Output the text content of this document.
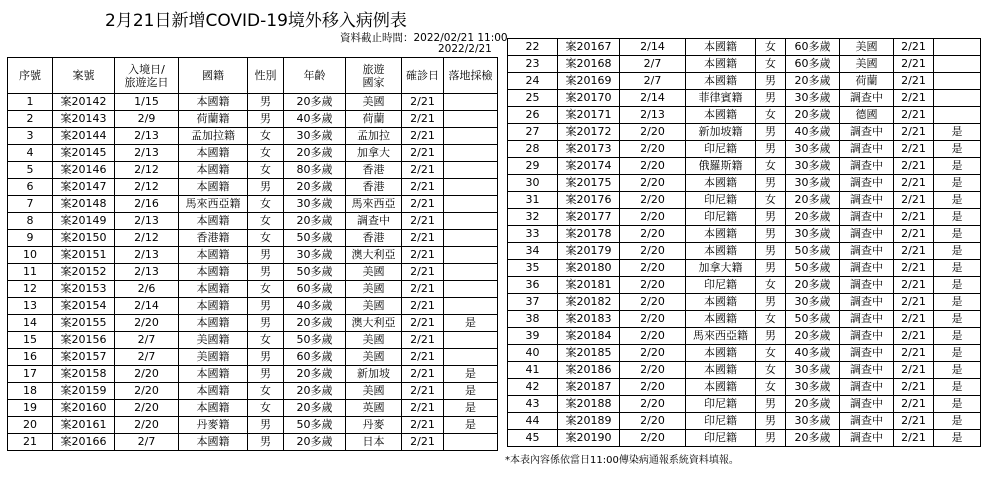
2月21日新增COVID-19境外移入病例表
資料截止時間：2022/02/21 11:00
2022/2/21
序號	案號	入境日/
旅遊迄日	國籍	性別	年齡	旅遊
國家	確診日	落地採檢
1	案20142	1/15	本國籍	男	20多歲	美國	2/21	
2	案20143	2/9	荷蘭籍	男	40多歲	荷蘭	2/21	
3	案20144	2/13	孟加拉籍	女	30多歲	孟加拉	2/21	
4	案20145	2/13	本國籍	女	20多歲	加拿大	2/21	
5	案20146	2/12	本國籍	女	80多歲	香港	2/21	
6	案20147	2/12	本國籍	男	20多歲	香港	2/21	
7	案20148	2/16	馬來西亞籍	女	30多歲	馬來西亞	2/21	
8	案20149	2/13	本國籍	女	20多歲	調查中	2/21	
9	案20150	2/12	香港籍	女	50多歲	香港	2/21	
10	案20151	2/13	本國籍	男	30多歲	澳大利亞	2/21	
11	案20152	2/13	本國籍	男	50多歲	美國	2/21	
12	案20153	2/6	本國籍	女	60多歲	美國	2/21	
13	案20154	2/14	本國籍	男	40多歲	美國	2/21	
14	案20155	2/20	本國籍	男	20多歲	澳大利亞	2/21	是
15	案20156	2/7	美國籍	女	50多歲	美國	2/21	
16	案20157	2/7	美國籍	男	60多歲	美國	2/21	
17	案20158	2/20	本國籍	男	20多歲	新加坡	2/21	是
18	案20159	2/20	本國籍	女	20多歲	美國	2/21	是
19	案20160	2/20	本國籍	女	20多歲	英國	2/21	是
20	案20161	2/20	丹麥籍	男	50多歲	丹麥	2/21	是
21	案20166	2/7	本國籍	男	20多歲	日本	2/21	
22	案20167	2/14	本國籍	女	60多歲	美國	2/21	
23	案20168	2/7	本國籍	女	60多歲	美國	2/21	
24	案20169	2/7	本國籍	男	20多歲	荷蘭	2/21	
25	案20170	2/14	菲律賓籍	男	30多歲	調查中	2/21	
26	案20171	2/13	本國籍	女	20多歲	德國	2/21	
27	案20172	2/20	新加坡籍	男	40多歲	調查中	2/21	是
28	案20173	2/20	印尼籍	男	30多歲	調查中	2/21	是
29	案20174	2/20	俄羅斯籍	女	30多歲	調查中	2/21	是
30	案20175	2/20	本國籍	男	30多歲	調查中	2/21	是
31	案20176	2/20	印尼籍	女	20多歲	調查中	2/21	是
32	案20177	2/20	印尼籍	男	20多歲	調查中	2/21	是
33	案20178	2/20	本國籍	男	30多歲	調查中	2/21	是
34	案20179	2/20	本國籍	男	50多歲	調查中	2/21	是
35	案20180	2/20	加拿大籍	男	50多歲	調查中	2/21	是
36	案20181	2/20	印尼籍	女	20多歲	調查中	2/21	是
37	案20182	2/20	本國籍	男	30多歲	調查中	2/21	是
38	案20183	2/20	本國籍	女	50多歲	調查中	2/21	是
39	案20184	2/20	馬來西亞籍	男	20多歲	調查中	2/21	是
40	案20185	2/20	本國籍	女	40多歲	調查中	2/21	是
41	案20186	2/20	本國籍	女	30多歲	調查中	2/21	是
42	案20187	2/20	本國籍	女	30多歲	調查中	2/21	是
43	案20188	2/20	印尼籍	男	20多歲	調查中	2/21	是
44	案20189	2/20	印尼籍	男	30多歲	調查中	2/21	是
45	案20190	2/20	印尼籍	男	20多歲	調查中	2/21	是
*本表內容係依當日11:00傳染病通報系統資料填報。
